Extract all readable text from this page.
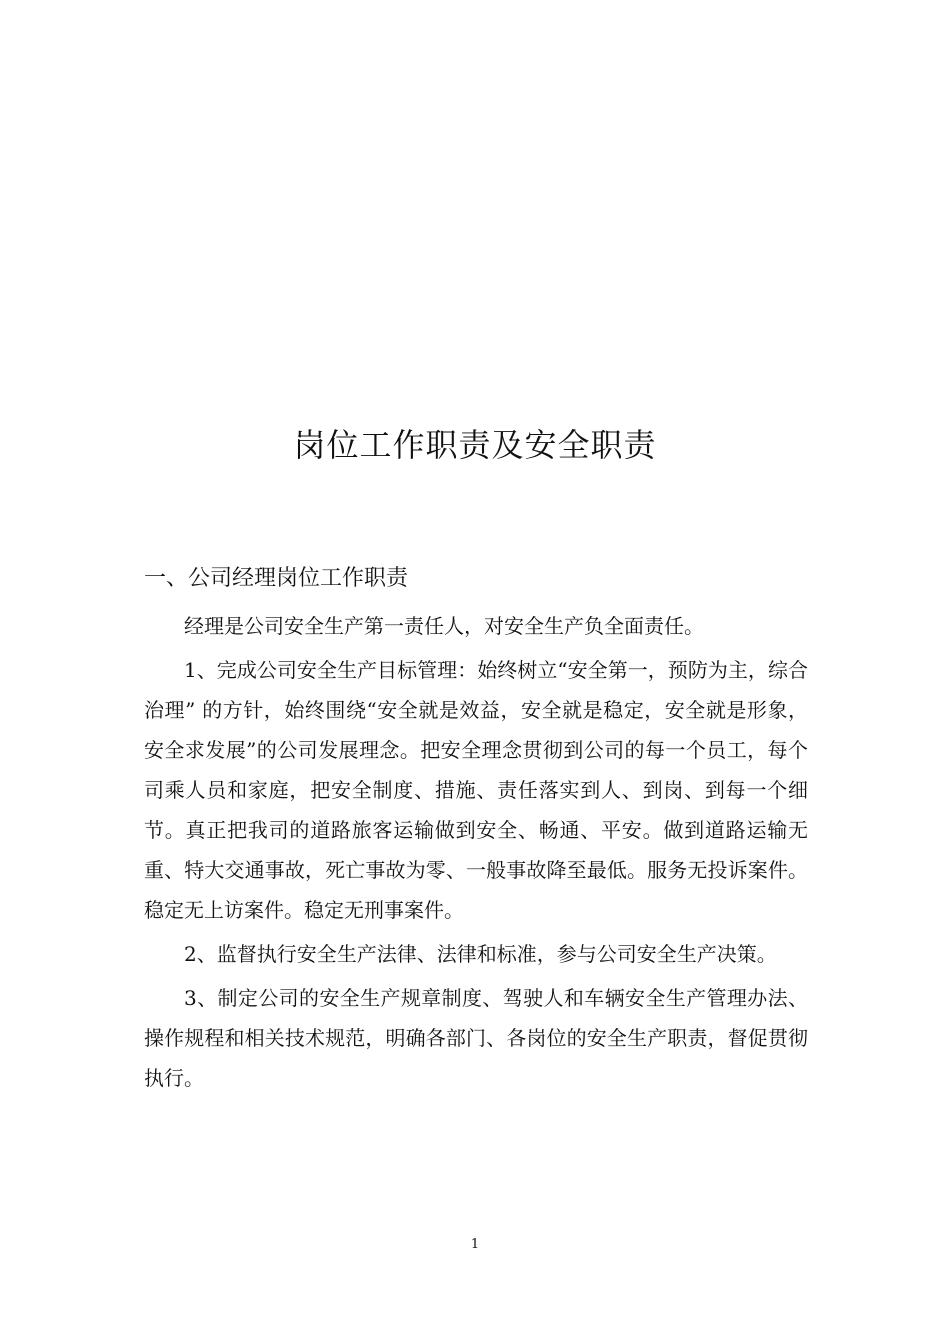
岗位工作职责及安全职责
一、公司经理岗位工作职责

经理是公司安全生产第一责任人，对安全生产负全面责任。

1、完成公司安全生产目标管理：始终树立“安全第一，预防为主，综合治理” 的方针，始终围绕“安全就是效益，安全就是稳定，安全就是形象，安全求发展”的公司发展理念。把安全理念贯彻到公司的每一个员工，每个司乘人员和家庭，把安全制度、措施、责任落实到人、到岗、到每一个细节。真正把我司的道路旅客运输做到安全、畅通、平安。做到道路运输无重、特大交通事故，死亡事故为零、一般事故降至最低。服务无投诉案件。稳定无上访案件。稳定无刑事案件。

2、监督执行安全生产法律、法律和标准，参与公司安全生产决策。

3、制定公司的安全生产规章制度、驾驶人和车辆安全生产管理办法、操作规程和相关技术规范，明确各部门、各岗位的安全生产职责，督促贯彻执行。

1
